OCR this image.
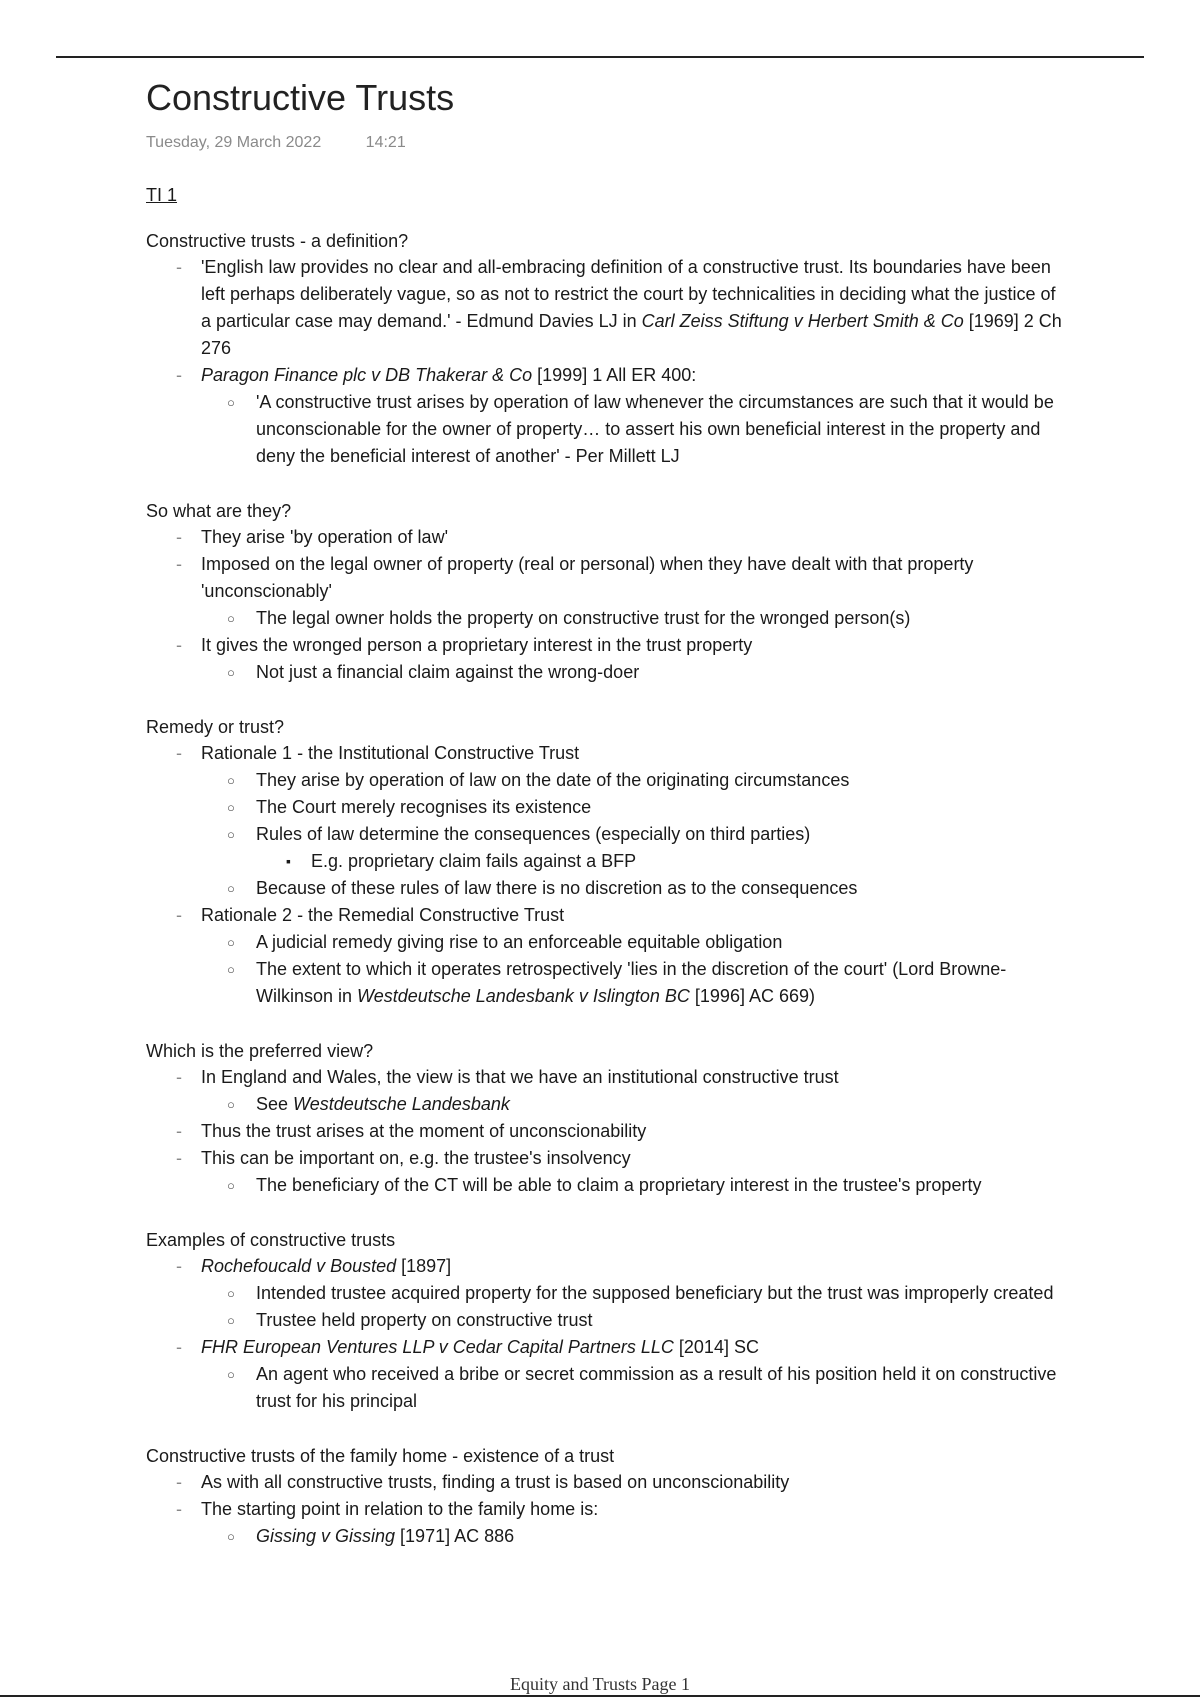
Constructive Trusts
Tuesday, 29 March 2022	14:21
TI 1
Constructive trusts - a definition?
- 'English law provides no clear and all-embracing definition of a constructive trust. Its boundaries have been left perhaps deliberately vague, so as not to restrict the court by technicalities in deciding what the justice of a particular case may demand.' - Edmund Davies LJ in Carl Zeiss Stiftung v Herbert Smith & Co [1969] 2 Ch 276
- Paragon Finance plc v DB Thakerar & Co [1999] 1 All ER 400:
○ 'A constructive trust arises by operation of law whenever the circumstances are such that it would be unconscionable for the owner of property… to assert his own beneficial interest in the property and deny the beneficial interest of another' - Per Millett LJ
So what are they?
- They arise 'by operation of law'
- Imposed on the legal owner of property (real or personal) when they have dealt with that property 'unconscionably'
○ The legal owner holds the property on constructive trust for the wronged person(s)
- It gives the wronged person a proprietary interest in the trust property
○ Not just a financial claim against the wrong-doer
Remedy or trust?
- Rationale 1 - the Institutional Constructive Trust
○ They arise by operation of law on the date of the originating circumstances
○ The Court merely recognises its existence
○ Rules of law determine the consequences (especially on third parties)
▪ E.g. proprietary claim fails against a BFP
○ Because of these rules of law there is no discretion as to the consequences
- Rationale 2 - the Remedial Constructive Trust
○ A judicial remedy giving rise to an enforceable equitable obligation
○ The extent to which it operates retrospectively 'lies in the discretion of the court' (Lord Browne-Wilkinson in Westdeutsche Landesbank v Islington BC [1996] AC 669)
Which is the preferred view?
- In England and Wales, the view is that we have an institutional constructive trust
○ See Westdeutsche Landesbank
- Thus the trust arises at the moment of unconscionability
- This can be important on, e.g. the trustee's insolvency
○ The beneficiary of the CT will be able to claim a proprietary interest in the trustee's property
Examples of constructive trusts
- Rochefoucald v Bousted [1897]
○ Intended trustee acquired property for the supposed beneficiary but the trust was improperly created
○ Trustee held property on constructive trust
- FHR European Ventures LLP v Cedar Capital Partners LLC [2014] SC
○ An agent who received a bribe or secret commission as a result of his position held it on constructive trust for his principal
Constructive trusts of the family home - existence of a trust
- As with all constructive trusts, finding a trust is based on unconscionability
- The starting point in relation to the family home is:
○ Gissing v Gissing [1971] AC 886
Equity and Trusts Page 1
